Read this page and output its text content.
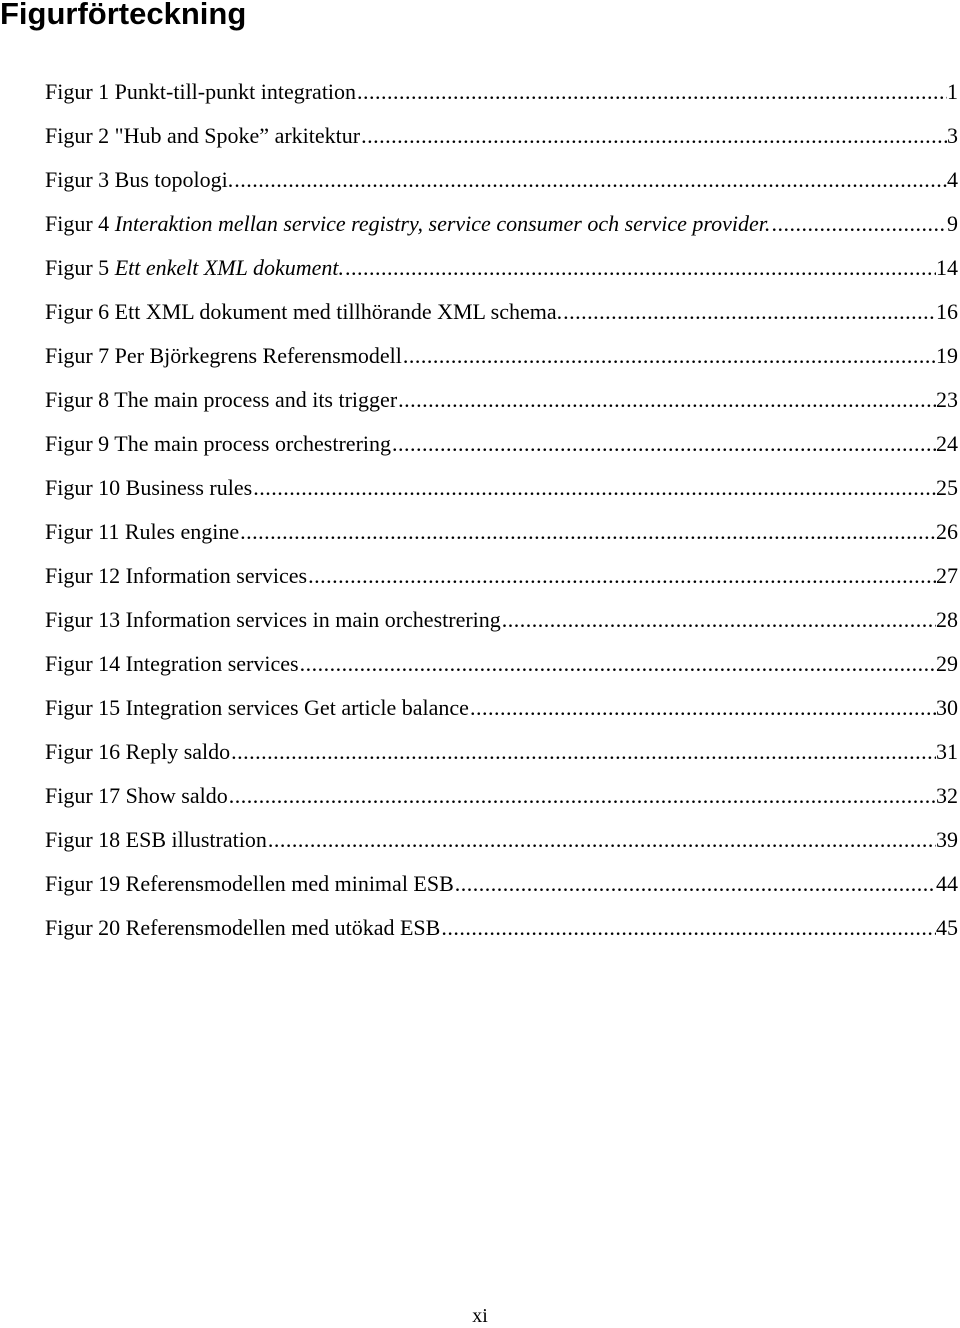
Figurförteckning
Figur 1 Punkt-till-punkt integration .....	1
Figur 2 "Hub and Spoke” arkitektur .....	3
Figur 3 Bus topologi. .....	4
Figur 4 Interaktion mellan service registry, service consumer och service provider. .....	9
Figur 5 Ett enkelt XML dokument. .....	14
Figur 6 Ett XML dokument med tillhörande XML schema. .....	16
Figur 7 Per Björkegrens Referensmodell .....	19
Figur 8 The main process and its trigger .....	23
Figur 9 The main process orchestrering .....	24
Figur 10 Business rules .....	25
Figur 11 Rules engine .....	26
Figur 12 Information services .....	27
Figur 13 Information services in main orchestrering .....	28
Figur 14 Integration services .....	29
Figur 15 Integration services Get article balance .....	30
Figur 16 Reply saldo .....	31
Figur 17 Show saldo .....	32
Figur 18 ESB illustration .....	39
Figur 19 Referensmodellen med minimal ESB .....	44
Figur 20 Referensmodellen med utökad ESB .....	45
xi
